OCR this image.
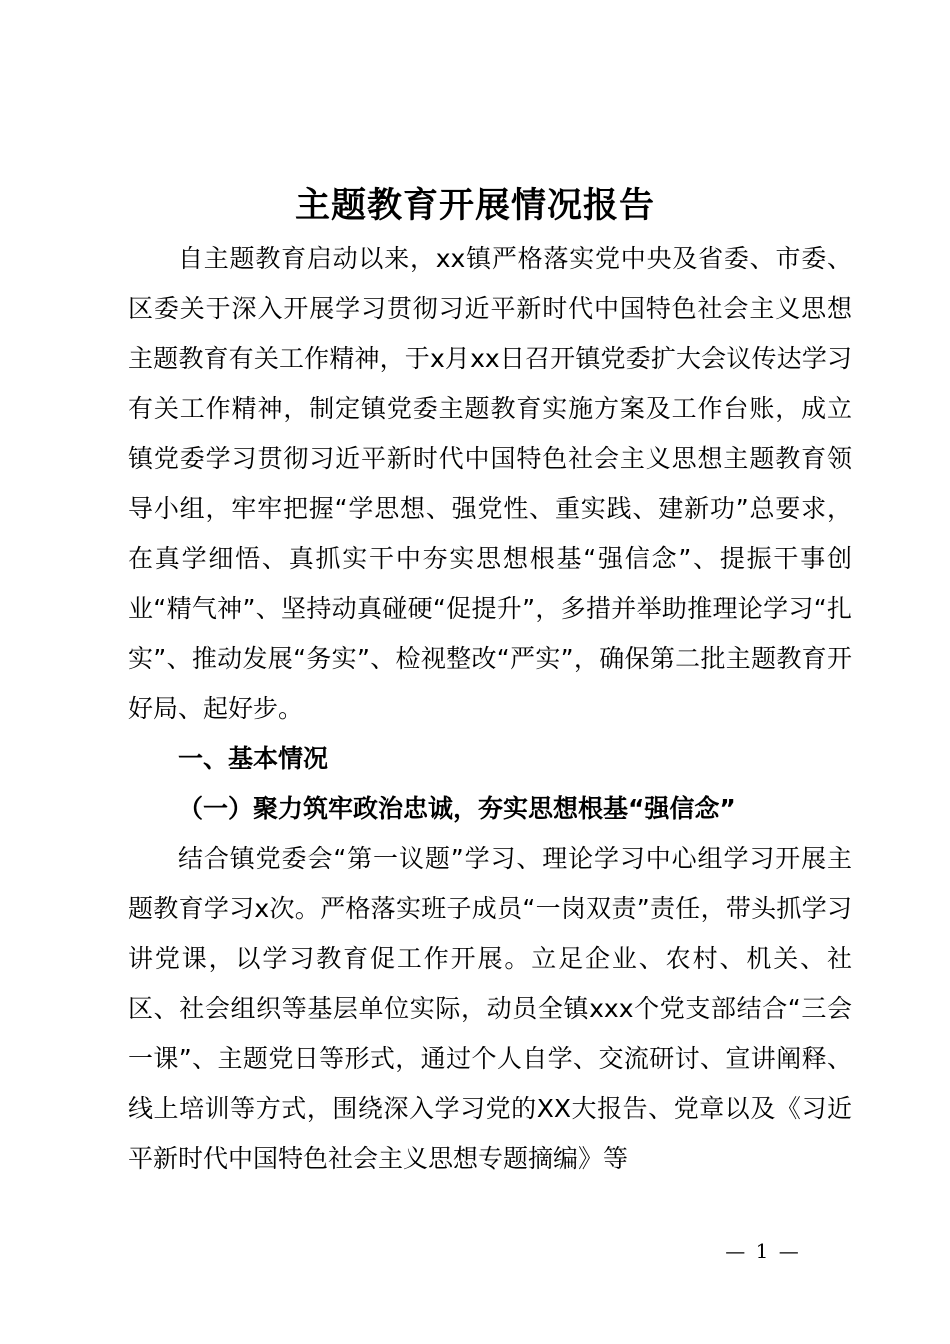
主题教育开展情况报告

自主题教育启动以来，xx镇严格落实党中央及省委、市委、区委关于深入开展学习贯彻习近平新时代中国特色社会主义思想主题教育有关工作精神，于x月xx日召开镇党委扩大会议传达学习有关工作精神，制定镇党委主题教育实施方案及工作台账，成立镇党委学习贯彻习近平新时代中国特色社会主义思想主题教育领导小组，牢牢把握“学思想、强党性、重实践、建新功”总要求，在真学细悟、真抓实干中夯实思想根基“强信念”、提振干事创业“精气神”、坚持动真碰硬“促提升”，多措并举助推理论学习“扎实”、推动发展“务实”、检视整改“严实”，确保第二批主题教育开好局、起好步。

一、基本情况

（一）聚力筑牢政治忠诚，夯实思想根基“强信念”

结合镇党委会“第一议题”学习、理论学习中心组学习开展主题教育学习x次。严格落实班子成员“一岗双责”责任，带头抓学习讲党课，以学习教育促工作开展。立足企业、农村、机关、社区、社会组织等基层单位实际，动员全镇xxx个党支部结合“三会一课”、主题党日等形式，通过个人自学、交流研讨、宣讲阐释、线上培训等方式，围绕深入学习党的XX大报告、党章以及《习近平新时代中国特色社会主义思想专题摘编》等

— 1 —
